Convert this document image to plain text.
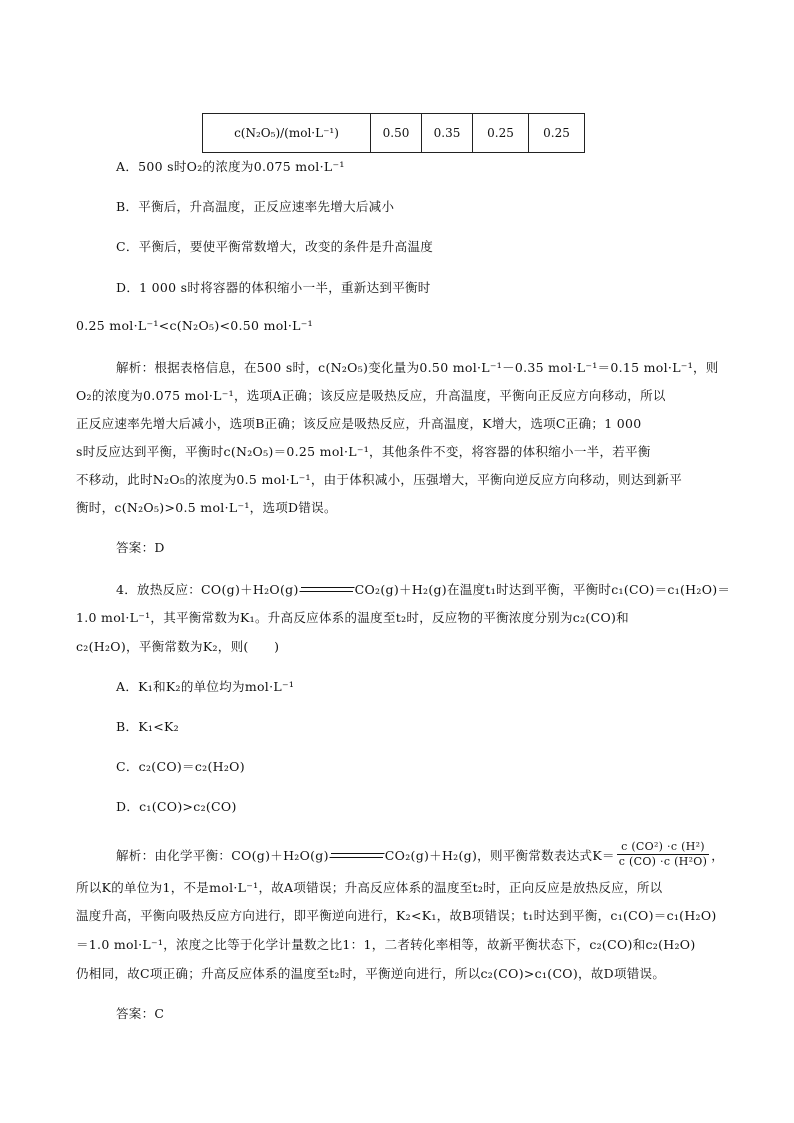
c(N₂O₅)/(mol·L⁻¹)	0.50	0.35	0.25	0.25
A．500 s时O₂的浓度为0.075 mol·L⁻¹
B．平衡后，升高温度，正反应速率先增大后减小
C．平衡后，要使平衡常数增大，改变的条件是升高温度
D．1 000 s时将容器的体积缩小一半，重新达到平衡时
0.25 mol·L⁻¹<c(N₂O₅)<0.50 mol·L⁻¹
解析：根据表格信息，在500 s时，c(N₂O₅)变化量为0.50 mol·L⁻¹－0.35 mol·L⁻¹＝0.15 mol·L⁻¹，则
O₂的浓度为0.075 mol·L⁻¹，选项A正确；该反应是吸热反应，升高温度，平衡向正反应方向移动，所以
正反应速率先增大后减小，选项B正确；该反应是吸热反应，升高温度，K增大，选项C正确；1 000
s时反应达到平衡，平衡时c(N₂O₅)＝0.25 mol·L⁻¹，其他条件不变，将容器的体积缩小一半，若平衡
不移动，此时N₂O₅的浓度为0.5 mol·L⁻¹，由于体积减小，压强增大，平衡向逆反应方向移动，则达到新平
衡时，c(N₂O₅)>0.5 mol·L⁻¹，选项D错误。
答案：D
4．放热反应：CO(g)＋H₂O(g)	CO₂(g)＋H₂(g)在温度t₁时达到平衡，平衡时c₁(CO)＝c₁(H₂O)＝
1.0 mol·L⁻¹，其平衡常数为K₁。升高反应体系的温度至t₂时，反应物的平衡浓度分别为c₂(CO)和
c₂(H₂O)，平衡常数为K₂，则(　　)
A．K₁和K₂的单位均为mol·L⁻¹
B．K₁<K₂
C．c₂(CO)＝c₂(H₂O)
D．c₁(CO)>c₂(CO)
解析：由化学平衡：CO(g)＋H₂O(g)	CO₂(g)＋H₂(g)，则平衡常数表达式$K= \frac{\text{c (CO²) ·c (H²)}}{\text{c (CO) ·c (H²O)}}$ ，
所以K的单位为1，不是mol·L⁻¹，故A项错误；升高反应体系的温度至t₂时，正向反应是放热反应，所以
温度升高，平衡向吸热反应方向进行，即平衡逆向进行，K₂<K₁，故B项错误；t₁时达到平衡，c₁(CO)＝c₁(H₂O)
＝1.0 mol·L⁻¹，浓度之比等于化学计量数之比1：1，二者转化率相等，故新平衡状态下，c₂(CO)和c₂(H₂O)
仍相同，故C项正确；升高反应体系的温度至t₂时，平衡逆向进行，所以c₂(CO)>c₁(CO)，故D项错误。
答案：C
